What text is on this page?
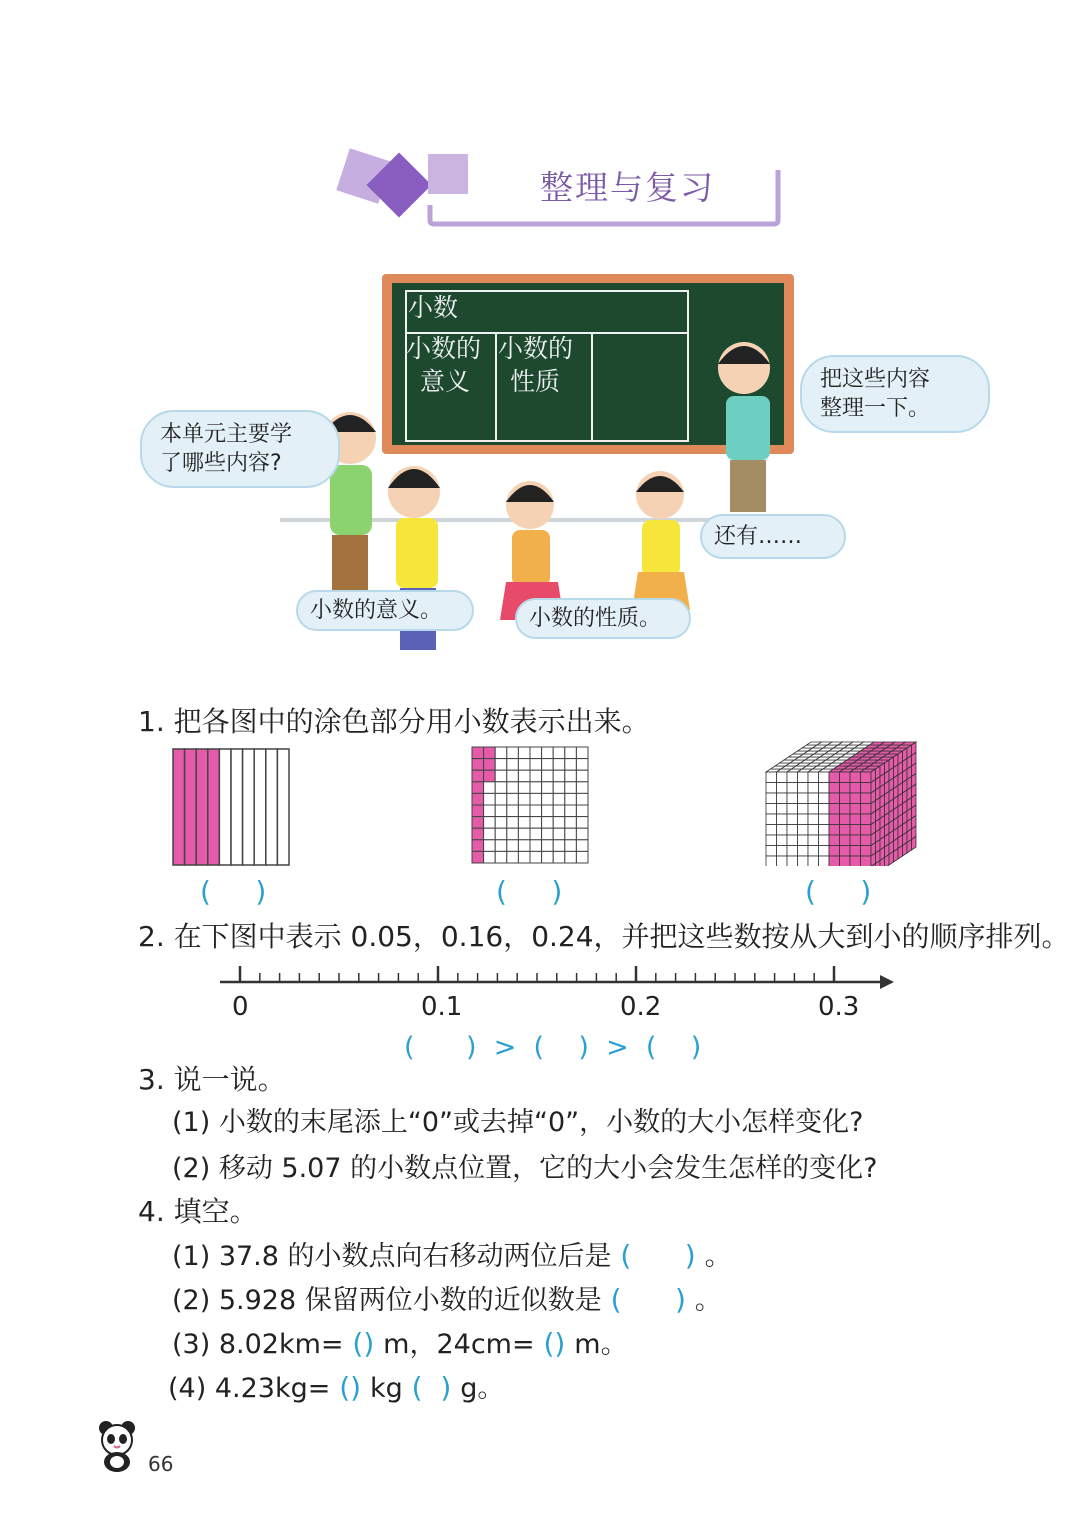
整理与复习
小数
小数的
意义
小数的
性质
本单元主要学
了哪些内容?
把这些内容
整理一下。
还有……
小数的意义。	小数的性质。
1. 把各图中的涂色部分用小数表示出来。
(     )	(     )	(     )
2. 在下图中表示 0.05，0.16，0.24，并把这些数按从大到小的顺序排列。
0	0.1	0.2	0.3
(      )  >  (    )  >  (    )
3. 说一说。
(1) 小数的末尾添上“0”或去掉“0”，小数的大小怎样变化?
(2) 移动 5.07 的小数点位置，它的大小会发生怎样的变化?
4. 填空。
(1) 37.8 的小数点向右移动两位后是 (      ) 。
(2) 5.928 保留两位小数的近似数是 (      ) 。
(3) 8.02km= () m，24cm= () m。
(4) 4.23kg= () kg (  ) g。
66
